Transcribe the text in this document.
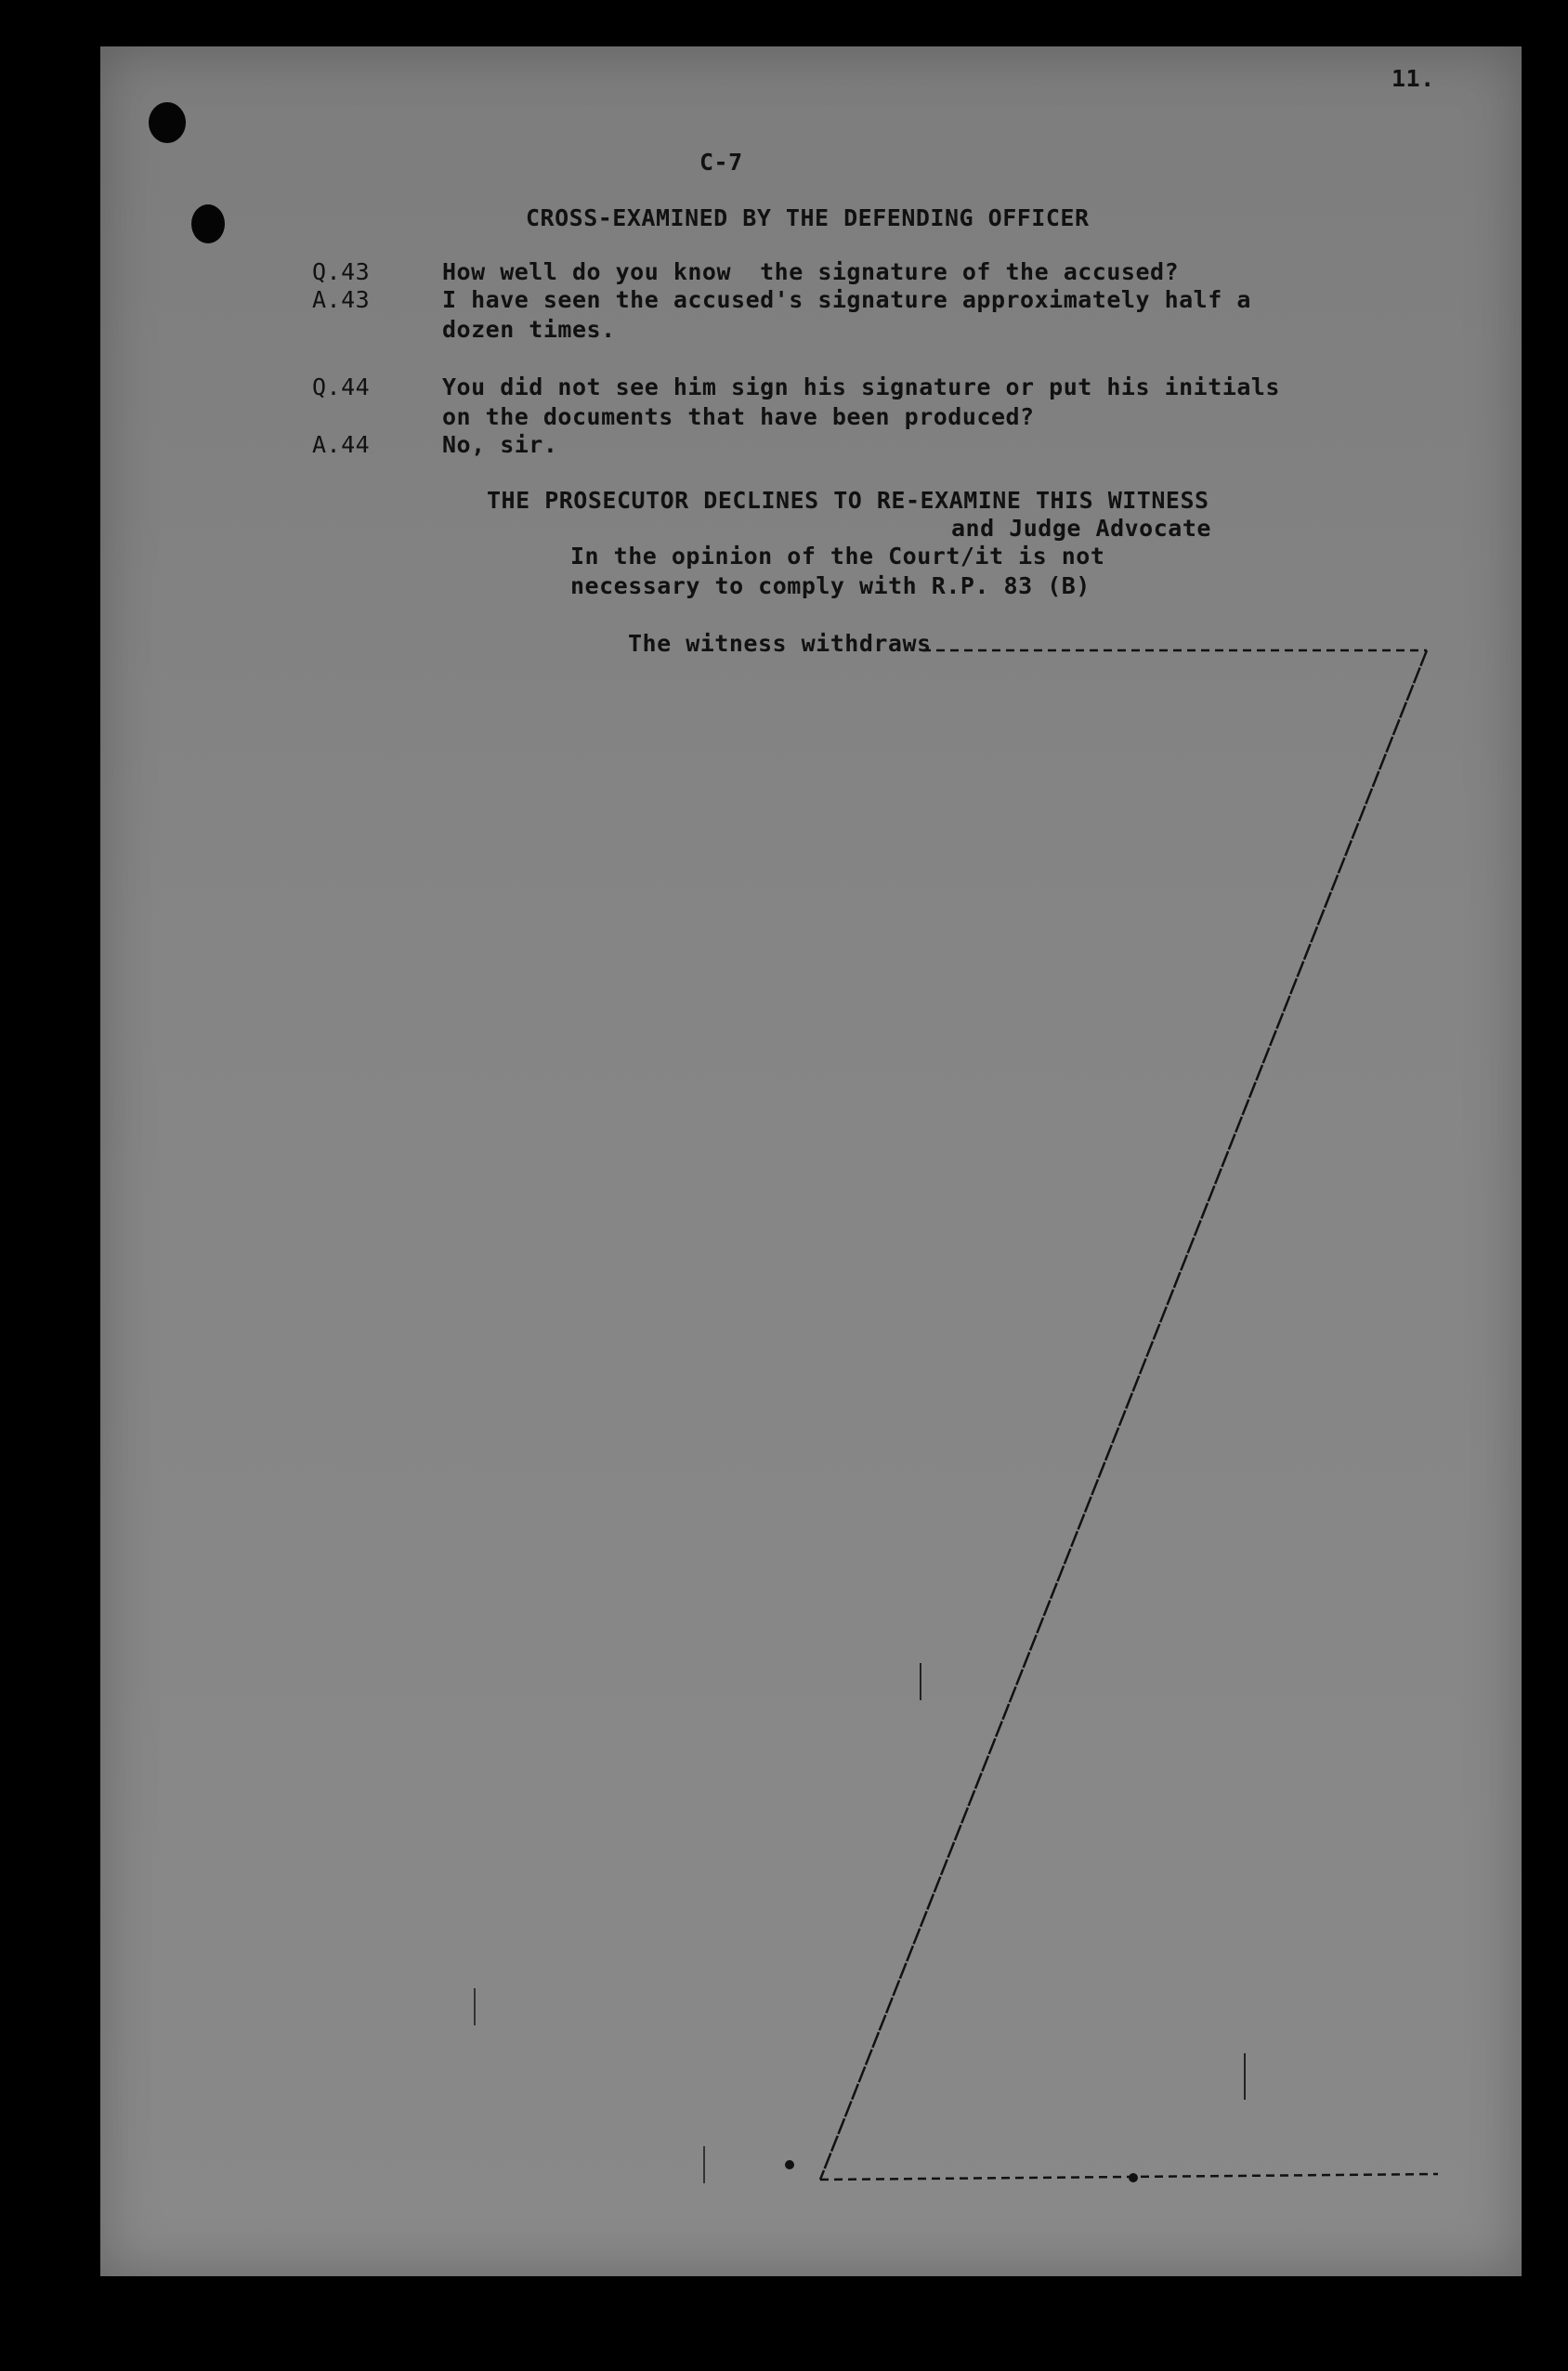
11.
C-7
CROSS-EXAMINED BY THE DEFENDING OFFICER
Q.43	How well do you know  the signature of the accused?
A.43	I have seen the accused's signature approximately half a
dozen times.
Q.44	You did not see him sign his signature or put his initials
on the documents that have been produced?
A.44	No, sir.
THE PROSECUTOR DECLINES TO RE-EXAMINE THIS WITNESS
and Judge Advocate
In the opinion of the Court/it is not
necessary to comply with R.P. 83 (B)
The witness withdraws
